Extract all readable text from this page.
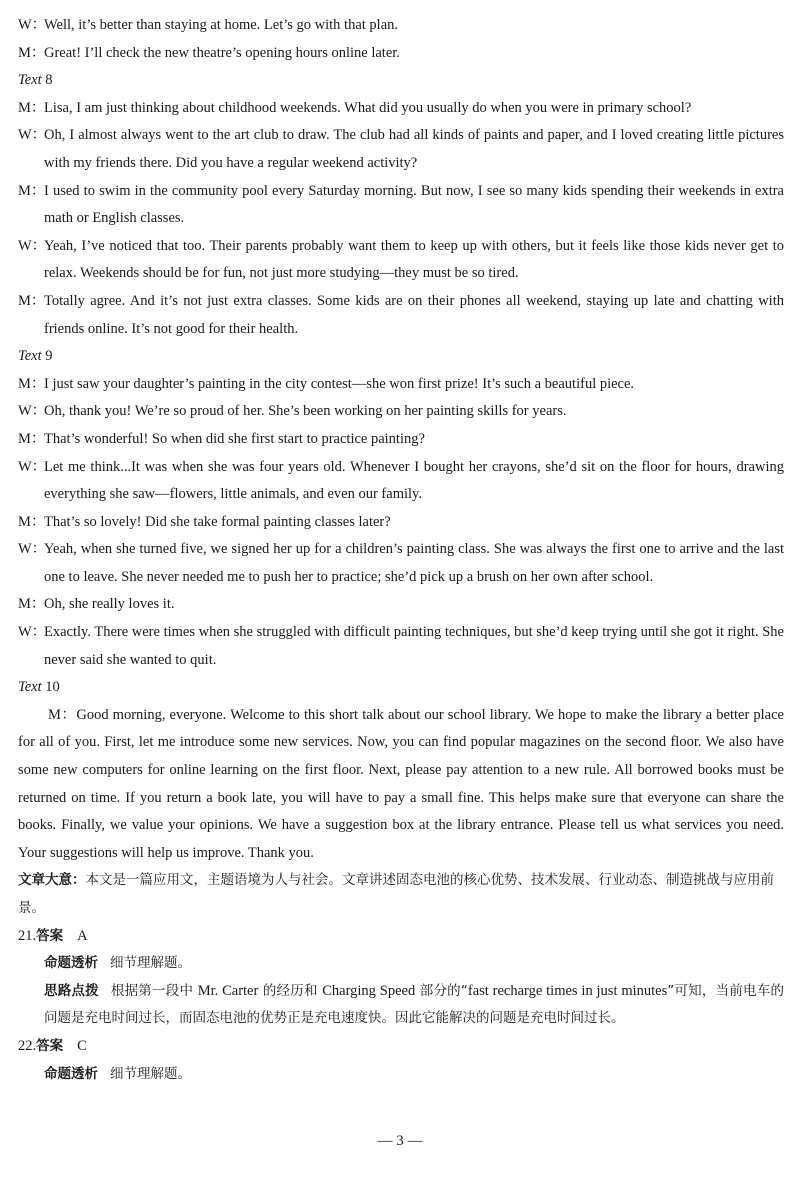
W：
Well, it’s better than staying at home. Let’s go with that plan.
M：
Great! I’ll check the new theatre’s opening hours online later.
Text 8
M：
Lisa, I am just thinking about childhood weekends. What did you usually do when you were in primary school?
W：
Oh, I almost always went to the art club to draw. The club had all kinds of paints and paper, and I loved creating little pictures with my friends there. Did you have a regular weekend activity?
M：
I used to swim in the community pool every Saturday morning. But now, I see so many kids spending their weekends in extra math or English classes.
W：
Yeah, I’ve noticed that too. Their parents probably want them to keep up with others, but it feels like those kids never get to relax. Weekends should be for fun, not just more studying—they must be so tired.
M：
Totally agree. And it’s not just extra classes. Some kids are on their phones all weekend, staying up late and chatting with friends online. It’s not good for their health.
Text 9
M：
I just saw your daughter’s painting in the city contest—she won first prize! It’s such a beautiful piece.
W：
Oh, thank you! We’re so proud of her. She’s been working on her painting skills for years.
M：
That’s wonderful! So when did she first start to practice painting?
W：
Let me think...It was when she was four years old. Whenever I bought her crayons, she’d sit on the floor for hours, drawing everything she saw—flowers, little animals, and even our family.
M：
That’s so lovely! Did she take formal painting classes later?
W：
Yeah, when she turned five, we signed her up for a children’s painting class. She was always the first one to arrive and the last one to leave. She never needed me to push her to practice; she’d pick up a brush on her own after school.
M：
Oh, she really loves it.
W：
Exactly. There were times when she struggled with difficult painting techniques, but she’d keep trying until she got it right. She never said she wanted to quit.
Text 10
M：Good morning, everyone. Welcome to this short talk about our school library. We hope to make the library a better place for all of you. First, let me introduce some new services. Now, you can find popular magazines on the second floor. We also have some new computers for online learning on the first floor. Next, please pay attention to a new rule. All borrowed books must be returned on time. If you return a book late, you will have to pay a small fine. This helps make sure that everyone can share the books. Finally, we value your opinions. We have a suggestion box at the library entrance. Please tell us what services you need. Your suggestions will help us improve. Thank you.
文章大意：本文是一篇应用文，主题语境为人与社会。文章讲述固态电池的核心优势、技术发展、行业动态、制造挑战与应用前景。
21.答案 A
命题透析 细节理解题。
思路点拨 根据第一段中 Mr. Carter 的经历和 Charging Speed 部分的“fast recharge times in just minutes”可知，当前电车的问题是充电时间过长，而固态电池的优势正是充电速度快。因此它能解决的问题是充电时间过长。
22.答案 C
命题透析 细节理解题。
— 3 —
